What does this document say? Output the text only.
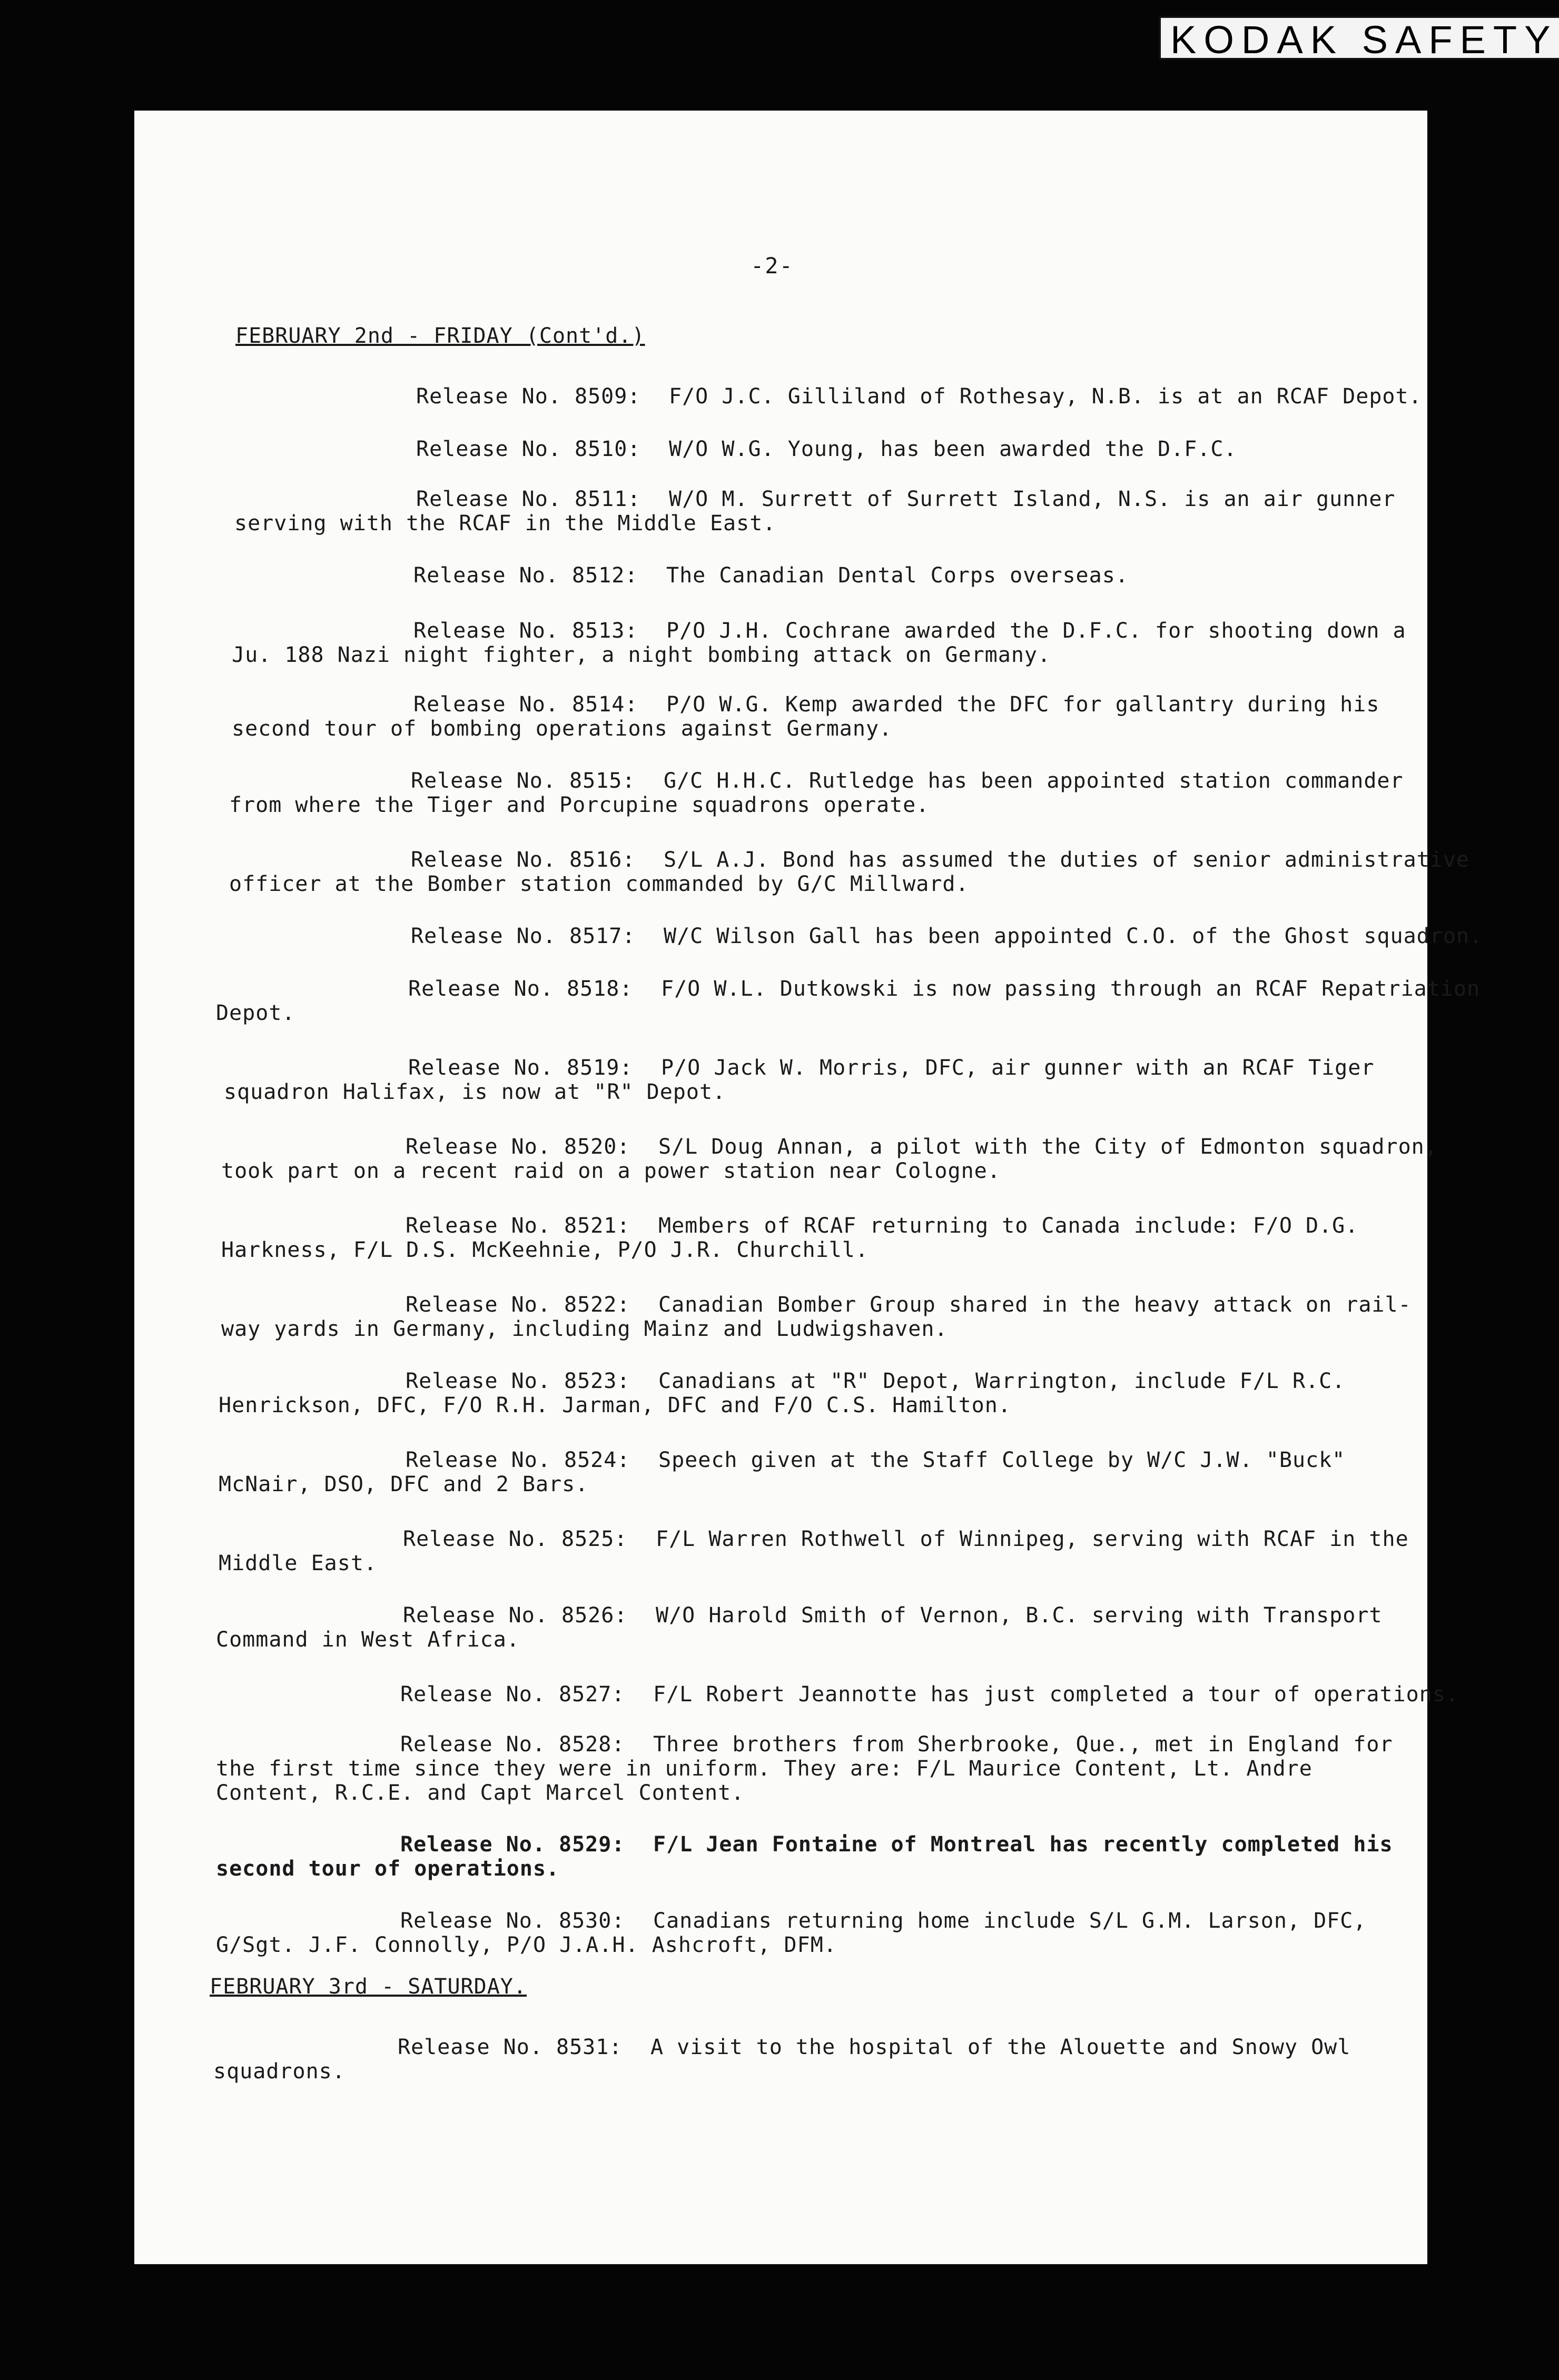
KODAK SAFETY
-2-
FEBRUARY 2nd - FRIDAY (Cont'd.)
Release No. 8509: F/O J.C. Gilliland of Rothesay, N.B. is at an RCAF Depot.
Release No. 8510: W/O W.G. Young, has been awarded the D.F.C.
Release No. 8511: W/O M. Surrett of Surrett Island, N.S. is an air gunner
serving with the RCAF in the Middle East.
Release No. 8512: The Canadian Dental Corps overseas.
Release No. 8513: P/O J.H. Cochrane awarded the D.F.C. for shooting down a
Ju. 188 Nazi night fighter, a night bombing attack on Germany.
Release No. 8514: P/O W.G. Kemp awarded the DFC for gallantry during his
second tour of bombing operations against Germany.
Release No. 8515: G/C H.H.C. Rutledge has been appointed station commander
from where the Tiger and Porcupine squadrons operate.
Release No. 8516: S/L A.J. Bond has assumed the duties of senior administrative
officer at the Bomber station commanded by G/C Millward.
Release No. 8517: W/C Wilson Gall has been appointed C.O. of the Ghost squadron.
Release No. 8518: F/O W.L. Dutkowski is now passing through an RCAF Repatriation
Depot.
Release No. 8519: P/O Jack W. Morris, DFC, air gunner with an RCAF Tiger
squadron Halifax, is now at "R" Depot.
Release No. 8520: S/L Doug Annan, a pilot with the City of Edmonton squadron,
took part on a recent raid on a power station near Cologne.
Release No. 8521: Members of RCAF returning to Canada include: F/O D.G.
Harkness, F/L D.S. McKeehnie, P/O J.R. Churchill.
Release No. 8522: Canadian Bomber Group shared in the heavy attack on rail-
way yards in Germany, including Mainz and Ludwigshaven.
Release No. 8523: Canadians at "R" Depot, Warrington, include F/L R.C.
Henrickson, DFC, F/O R.H. Jarman, DFC and F/O C.S. Hamilton.
Release No. 8524: Speech given at the Staff College by W/C J.W. "Buck"
McNair, DSO, DFC and 2 Bars.
Release No. 8525: F/L Warren Rothwell of Winnipeg, serving with RCAF in the
Middle East.
Release No. 8526: W/O Harold Smith of Vernon, B.C. serving with Transport
Command in West Africa.
Release No. 8527: F/L Robert Jeannotte has just completed a tour of operations.
Release No. 8528: Three brothers from Sherbrooke, Que., met in England for
the first time since they were in uniform. They are: F/L Maurice Content, Lt. Andre
Content, R.C.E. and Capt Marcel Content.
Release No. 8529: F/L Jean Fontaine of Montreal has recently completed his
second tour of operations.
Release No. 8530: Canadians returning home include S/L G.M. Larson, DFC,
G/Sgt. J.F. Connolly, P/O J.A.H. Ashcroft, DFM.
FEBRUARY 3rd - SATURDAY.
Release No. 8531: A visit to the hospital of the Alouette and Snowy Owl
squadrons.
